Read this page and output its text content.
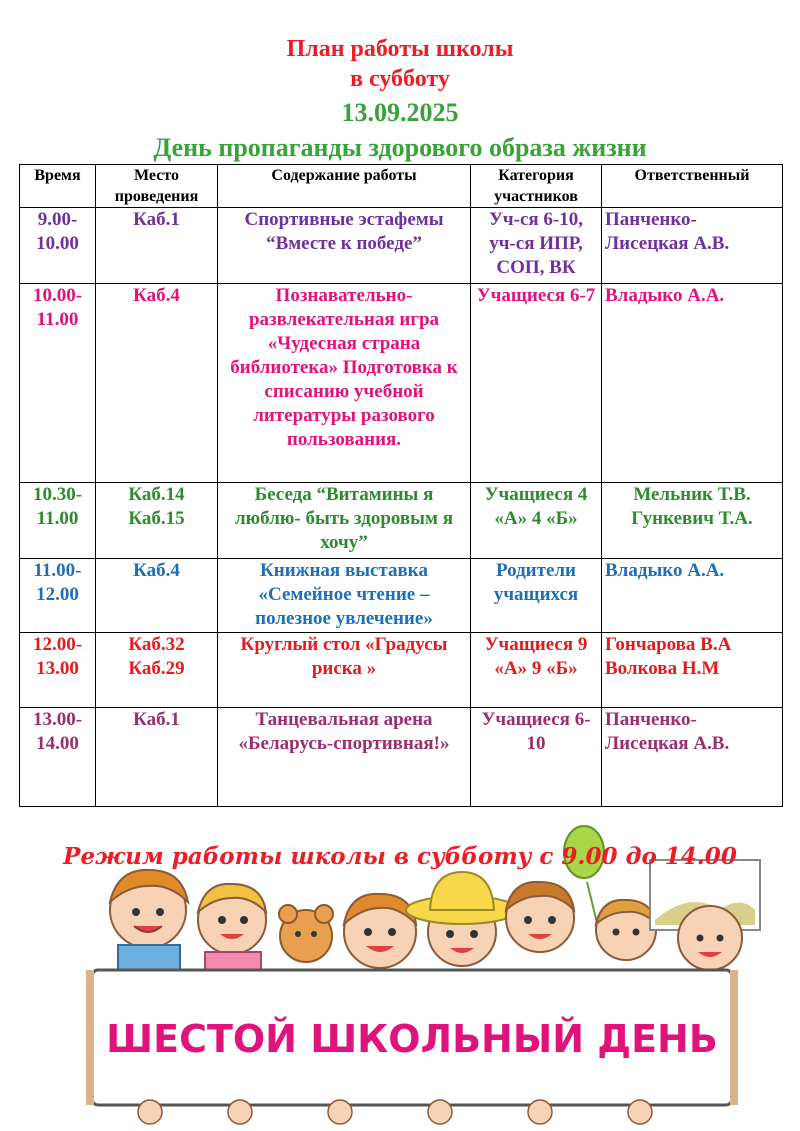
План работы школы
в субботу
13.09.2025
День пропаганды здорового образа жизни
Время	Место проведения	Содержание работы	Категория участников	Ответственный
9.00-10.00	Каб.1	Спортивные эстафемы “Вместе к победе”	Уч-ся 6-10, уч-ся ИПР, СОП, ВК	Панченко-Лисецкая А.В.
10.00-11.00	Каб.4	Познавательно-развлекательная игра «Чудесная страна библиотека» Подготовка к списанию учебной литературы разового пользования.	Учащиеся 6-7	Владыко А.А.
10.30-11.00	Каб.14 Каб.15	Беседа “Витамины я люблю- быть здоровым я хочу”	Учащиеся 4 «А» 4 «Б»	Мельник Т.В. Гункевич Т.А.
11.00-12.00	Каб.4	Книжная выставка «Семейное чтение – полезное увлечение»	Родители учащихся	Владыко А.А.
12.00-13.00	Каб.32 Каб.29	Круглый стол «Градусы риска »	Учащиеся 9 «А» 9 «Б»	Гончарова В.А Волкова Н.М
13.00-14.00	Каб.1	Танцевальная арена «Беларусь-спортивная!»	Учащиеся 6-10	Панченко-Лисецкая А.В.
ШЕСТОЙ ШКОЛЬНЫЙ ДЕНЬ
Режим работы школы в субботу с 9.00 до 14.00
